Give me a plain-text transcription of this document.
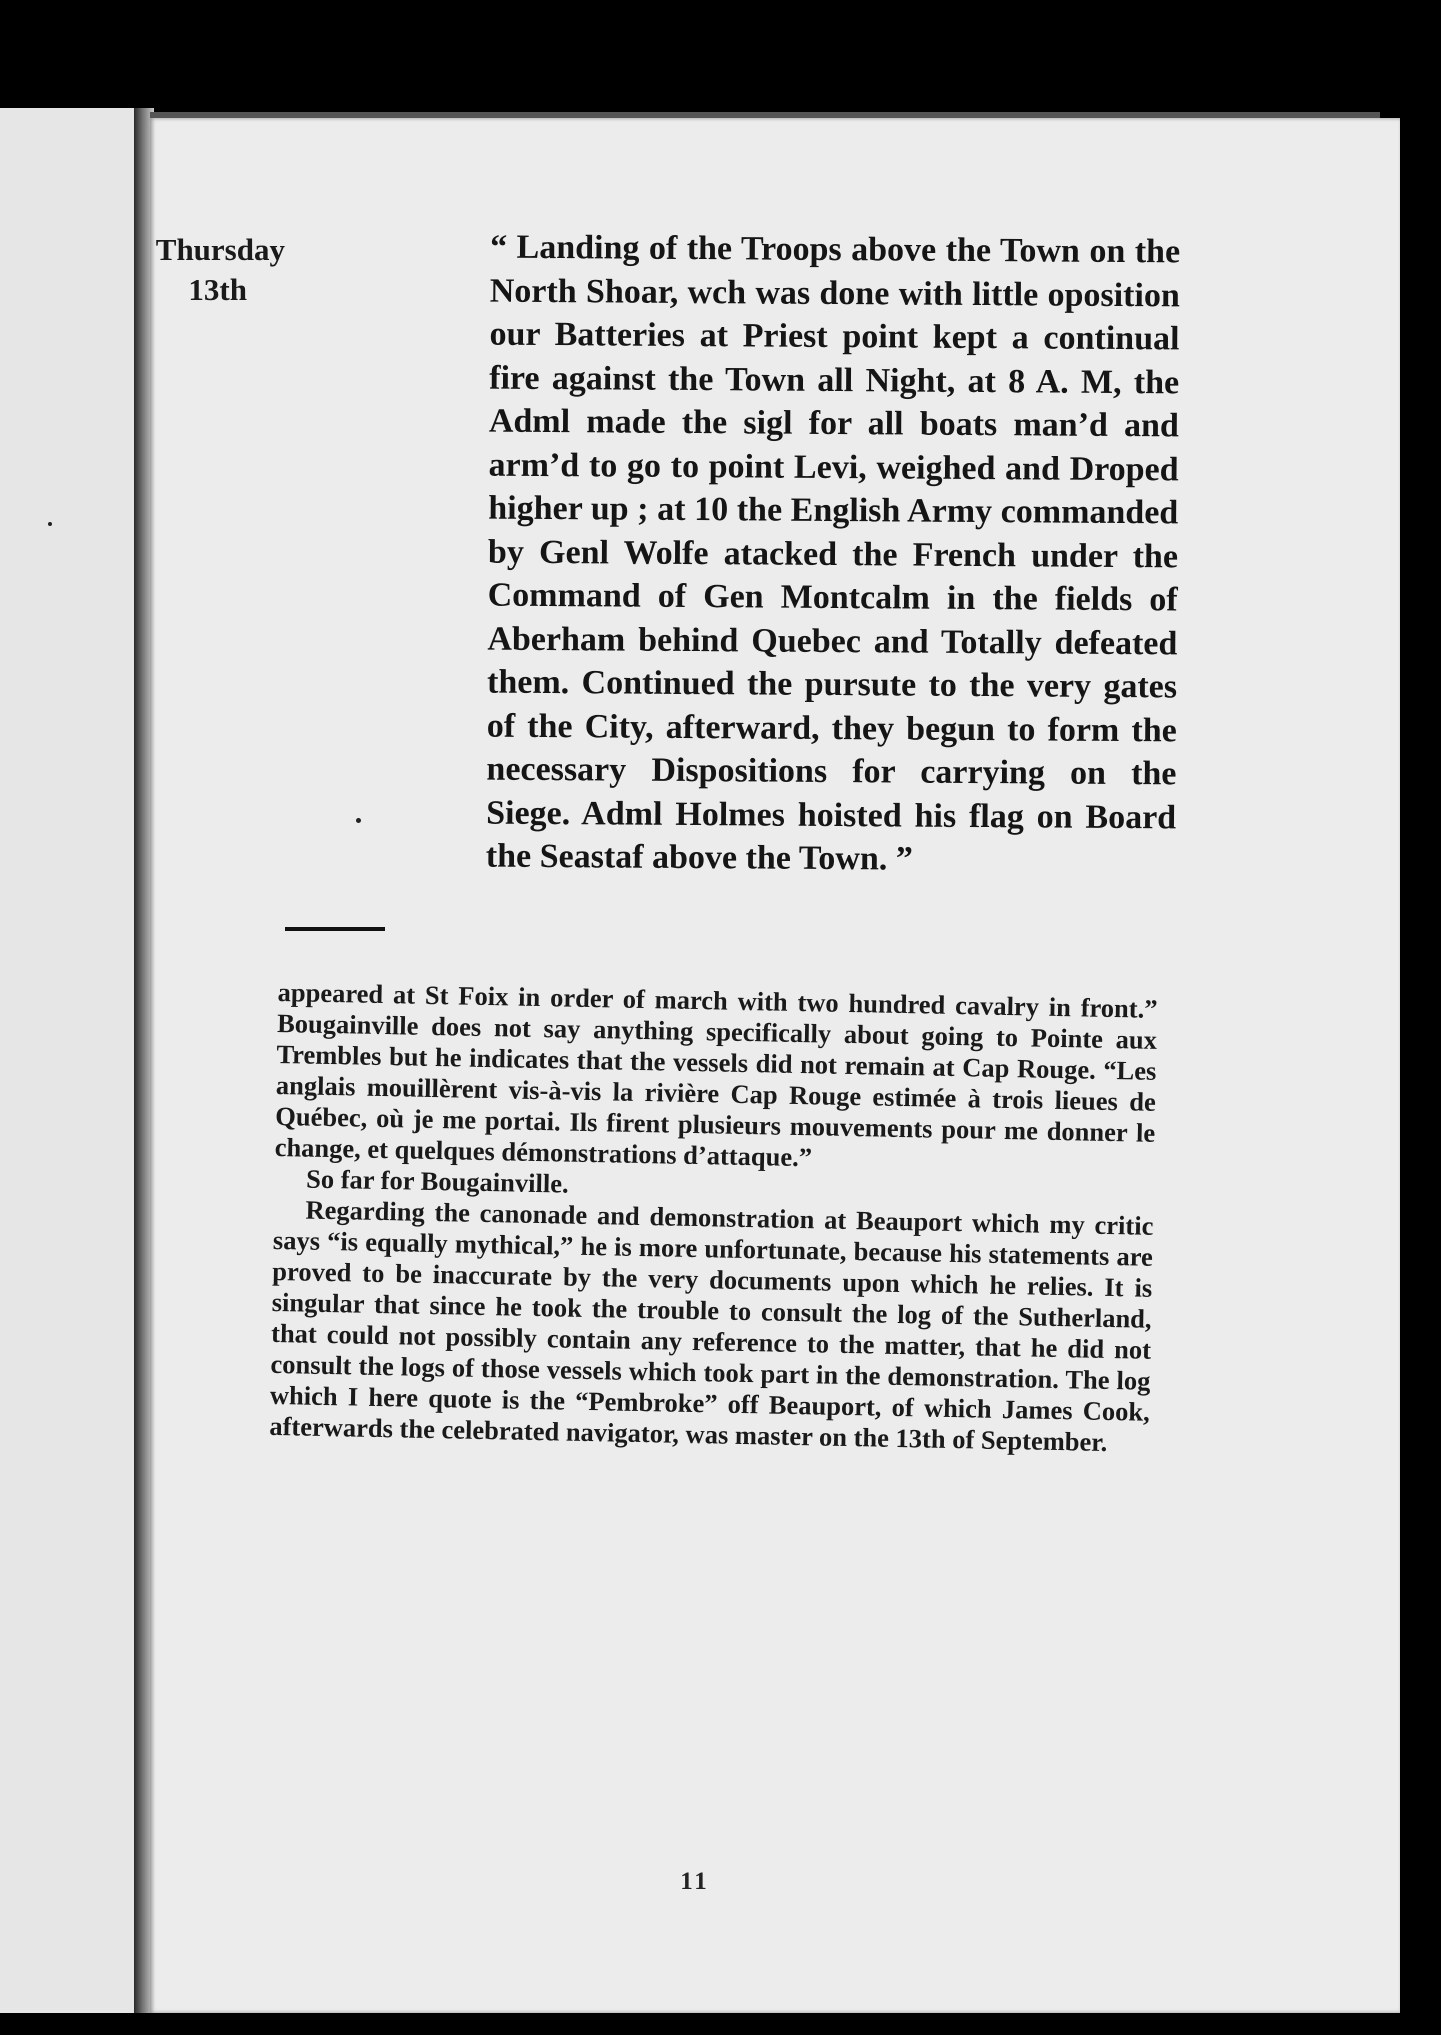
Thursday
13th
“ Landing of the Troops above the Town on the North Shoar, wch was done with little oposition our Batteries at Priest point kept a continual fire against the Town all Night, at 8 A. M, the Adml made the sigl for all boats man’d and arm’d to go to point Levi, weighed and Droped higher up ; at 10 the English Army commanded by Genl Wolfe atacked the French under the Command of Gen Montcalm in the fields of Aberham behind Quebec and Totally defeated them. Continued the pursute to the very gates of the City, afterward, they begun to form the necessary Dispositions for carrying on the Siege. Adml Holmes hoisted his flag on Board the Seastaf above the Town. ”

appeared at St Foix in order of march with two hundred cavalry in front.” Bougainville does not say anything specifically about going to Pointe aux Trembles but he indicates that the vessels did not remain at Cap Rouge. “Les anglais mouillèrent vis-à-vis la rivière Cap Rouge estimée à trois lieues de Québec, où je me portai. Ils firent plusieurs mouvements pour me donner le change, et quelques démonstrations d’attaque.”

So far for Bougainville.

Regarding the canonade and demonstration at Beauport which my critic says “is equally mythical,” he is more unfortunate, because his statements are proved to be inaccurate by the very documents upon which he relies. It is singular that since he took the trouble to consult the log of the Sutherland, that could not possibly contain any reference to the matter, that he did not consult the logs of those vessels which took part in the demonstration. The log which I here quote is the “Pembroke” off Beauport, of which James Cook, afterwards the celebrated navigator, was master on the 13th of September.

11
